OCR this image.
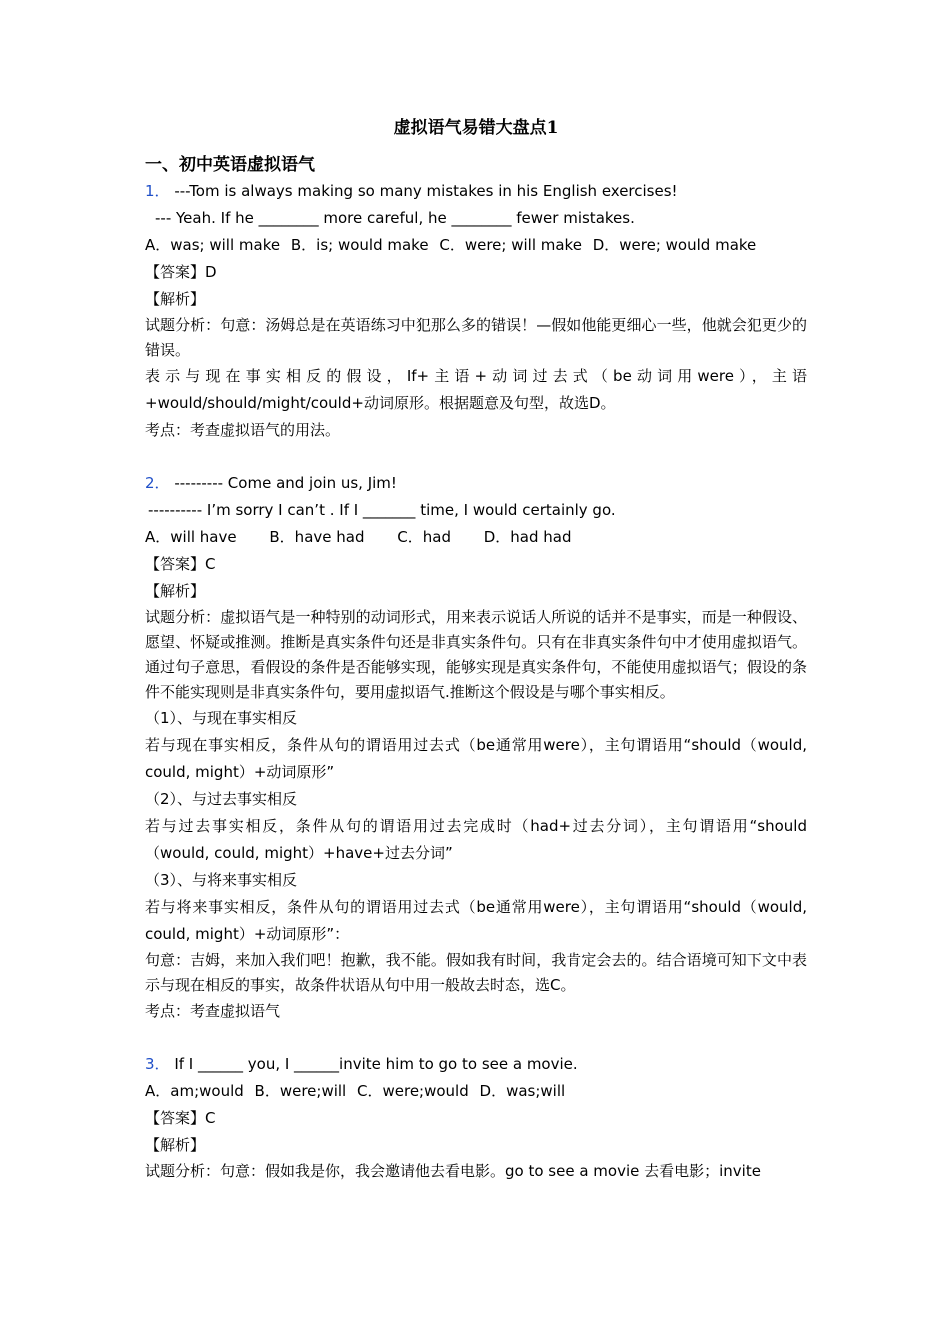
虚拟语气易错大盘点1
一、初中英语虚拟语气
1． ---Tom is always making so many mistakes in his English exercises!
--- Yeah. If he ________ more careful, he ________ fewer mistakes.
A．was; will make B．is; would make C．were; will make D．were; would make
【答案】D
【解析】

试题分析：句意：汤姆总是在英语练习中犯那么多的错误！—假如他能更细心一些，他就会犯更少的错误。

表示与现在事实相反的假设，If+主语+动词过去式（be动词用were），主语+would/should/might/could+动词原形。根据题意及句型，故选D。

考点：考查虚拟语气的用法。

2． --------- Come and join us, Jim!
---------- I’m sorry I can’t . If I _______ time, I would certainly go.
A．will have B．have had C．had D．had had
【答案】C
【解析】

试题分析：虚拟语气是一种特别的动词形式，用来表示说话人所说的话并不是事实，而是一种假设、愿望、怀疑或推测。推断是真实条件句还是非真实条件句。只有在非真实条件句中才使用虚拟语气。通过句子意思，看假设的条件是否能够实现，能够实现是真实条件句，不能使用虚拟语气；假设的条件不能实现则是非真实条件句，要用虚拟语气.推断这个假设是与哪个事实相反。

（1）、与现在事实相反

若与现在事实相反，条件从句的谓语用过去式（be通常用were），主句谓语用“should（would, could, might）+动词原形”

（2）、与过去事实相反

若与过去事实相反，条件从句的谓语用过去完成时（had+过去分词），主句谓语用“should （would, could, might）+have+过去分词”

（3）、与将来事实相反

若与将来事实相反，条件从句的谓语用过去式（be通常用were），主句谓语用“should（would, could, might）+动词原形”：

句意：吉姆，来加入我们吧！抱歉，我不能。假如我有时间，我肯定会去的。结合语境可知下文中表示与现在相反的事实，故条件状语从句中用一般故去时态，选C。

考点：考查虚拟语气

3． If I ______ you, I ______invite him to go to see a movie.
A．am;would B．were;will C．were;would D．was;will
【答案】C
【解析】

试题分析：句意：假如我是你，我会邀请他去看电影。go to see a movie 去看电影；invite
